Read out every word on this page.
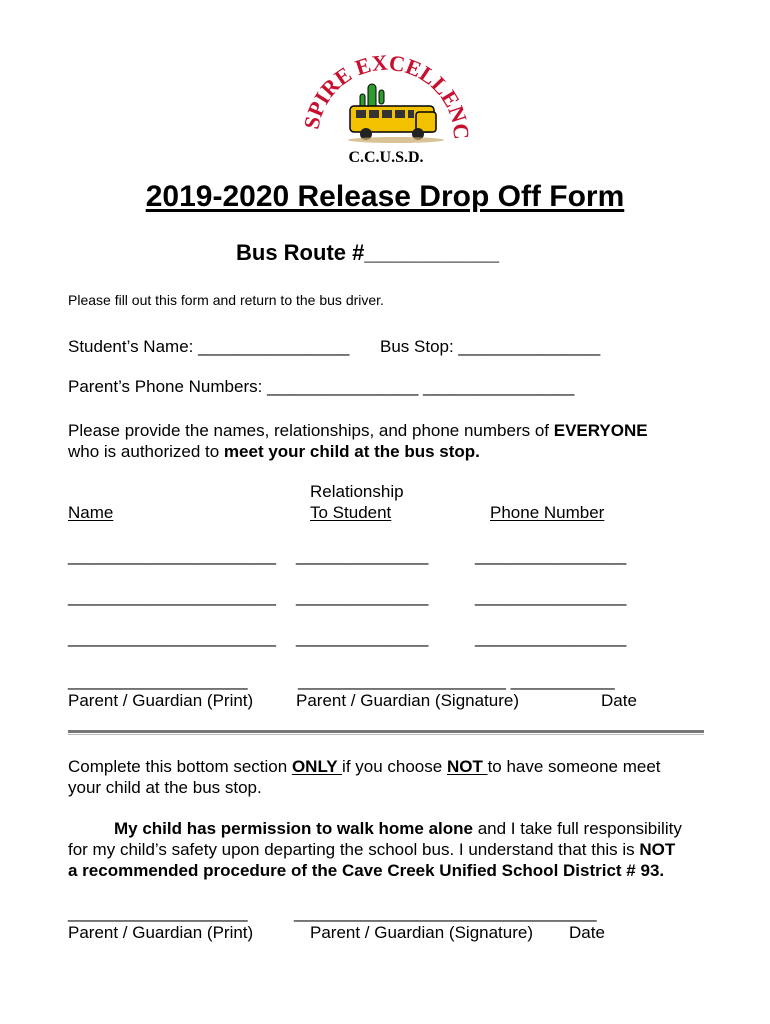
SPIRE EXCELLENC
C.C.U.S.D.
2019-2020 Release Drop Off Form
Bus Route #___________
Please fill out this form and return to the bus driver.
Student’s Name: ________________ Bus Stop: _______________
Parent’s Phone Numbers: ________________ ________________
Please provide the names, relationships, and phone numbers of EVERYONE
who is authorized to meet your child at the bus stop.
Relationship
Name	To Student	Phone Number
______________________ ______________	________________
______________________ ______________	________________
______________________ ______________	________________
___________________	______________________ ___________
Parent / Guardian (Print)	Parent / Guardian (Signature)	Date
Complete this bottom section ONLY if you choose NOT to have someone meet
your child at the bus stop.
My child has permission to walk home alone and I take full responsibility
for my child’s safety upon departing the school bus. I understand that this is NOT
a recommended procedure of the Cave Creek Unified School District # 93.
___________________	________________________________
Parent / Guardian (Print)	Parent / Guardian (Signature) Date
